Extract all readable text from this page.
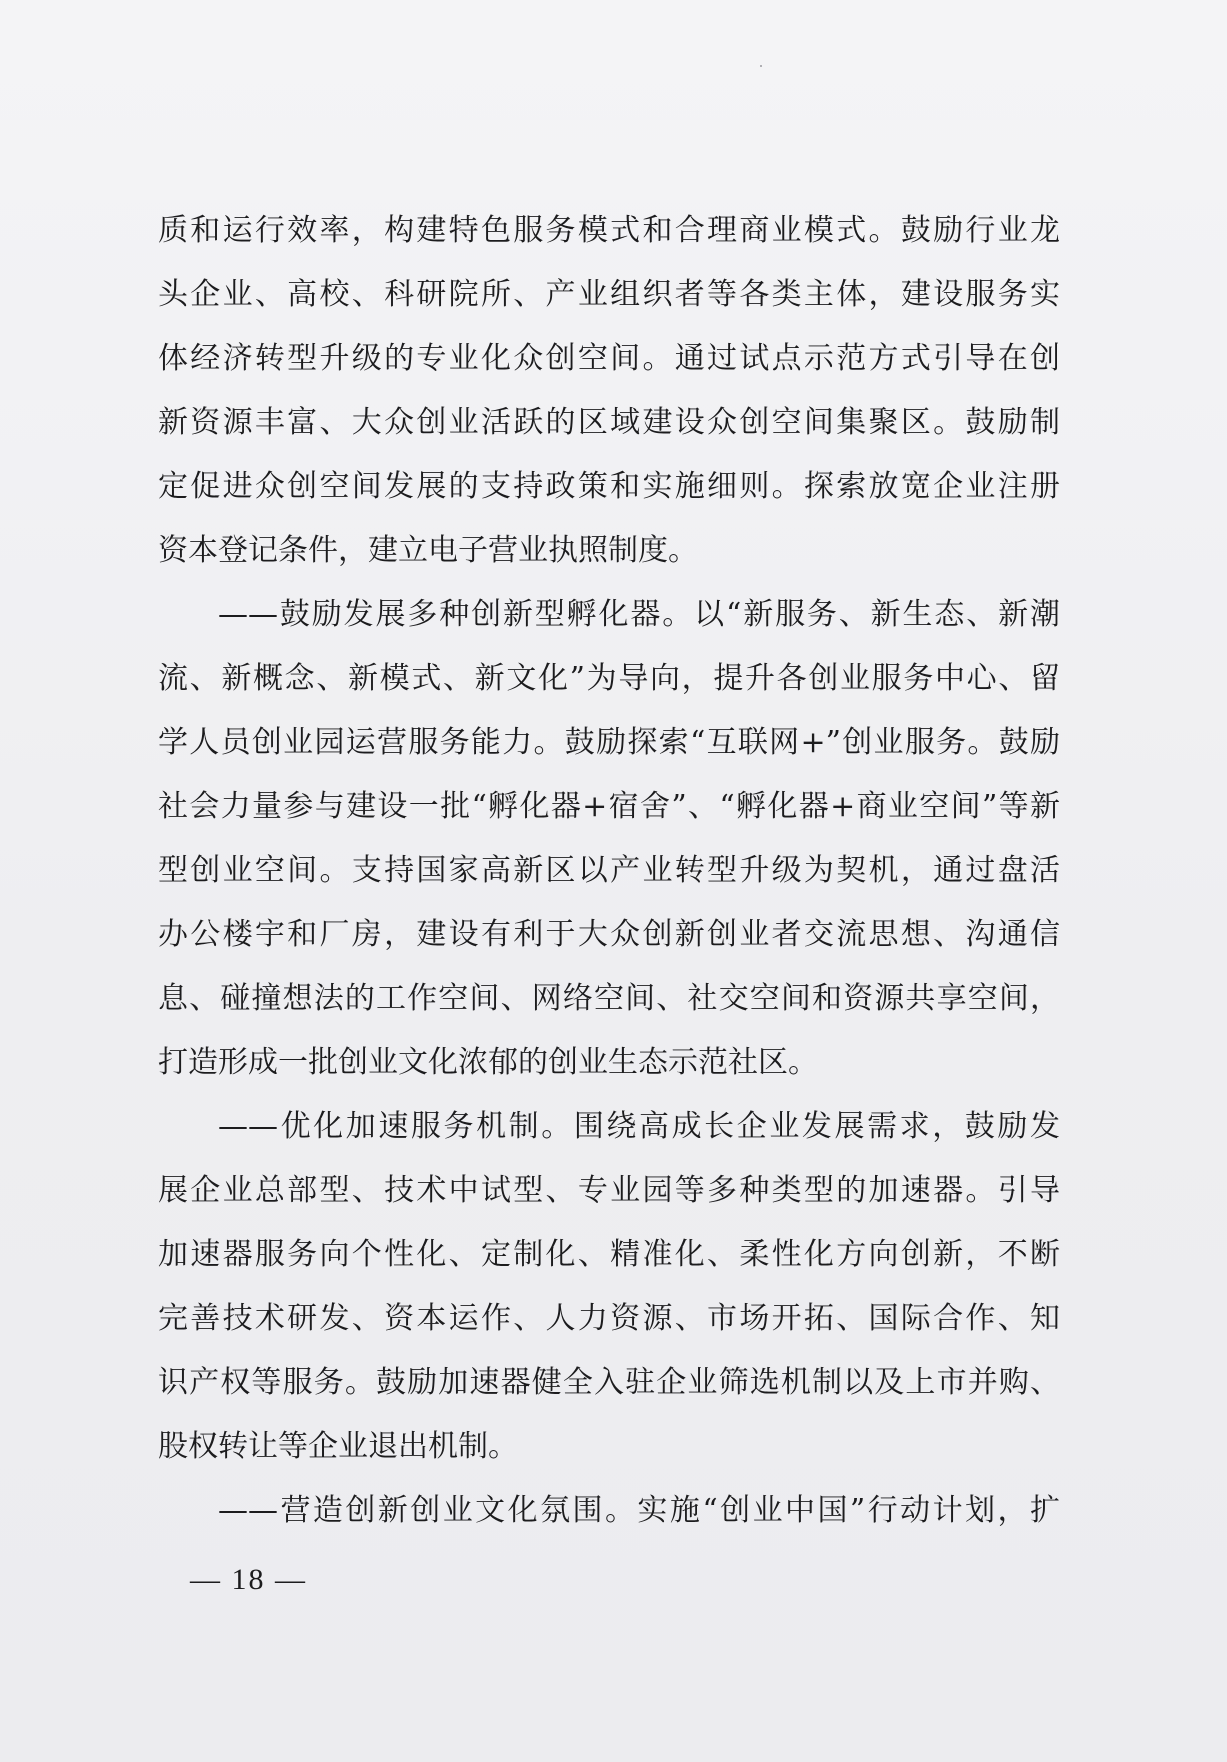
质和运行效率，构建特色服务模式和合理商业模式。鼓励行业龙

头企业、高校、科研院所、产业组织者等各类主体，建设服务实

体经济转型升级的专业化众创空间。通过试点示范方式引导在创

新资源丰富、大众创业活跃的区域建设众创空间集聚区。鼓励制

定促进众创空间发展的支持政策和实施细则。探索放宽企业注册

资本登记条件，建立电子营业执照制度。

——鼓励发展多种创新型孵化器。以“新服务、新生态、新潮

流、新概念、新模式、新文化”为导向，提升各创业服务中心、留

学人员创业园运营服务能力。鼓励探索“互联网+”创业服务。鼓励

社会力量参与建设一批“孵化器+宿舍”、“孵化器+商业空间”等新

型创业空间。支持国家高新区以产业转型升级为契机，通过盘活

办公楼宇和厂房，建设有利于大众创新创业者交流思想、沟通信

息、碰撞想法的工作空间、网络空间、社交空间和资源共享空间，

打造形成一批创业文化浓郁的创业生态示范社区。

——优化加速服务机制。围绕高成长企业发展需求，鼓励发

展企业总部型、技术中试型、专业园等多种类型的加速器。引导

加速器服务向个性化、定制化、精准化、柔性化方向创新，不断

完善技术研发、资本运作、人力资源、市场开拓、国际合作、知

识产权等服务。鼓励加速器健全入驻企业筛选机制以及上市并购、

股权转让等企业退出机制。

——营造创新创业文化氛围。实施“创业中国”行动计划，扩

— 18 —
